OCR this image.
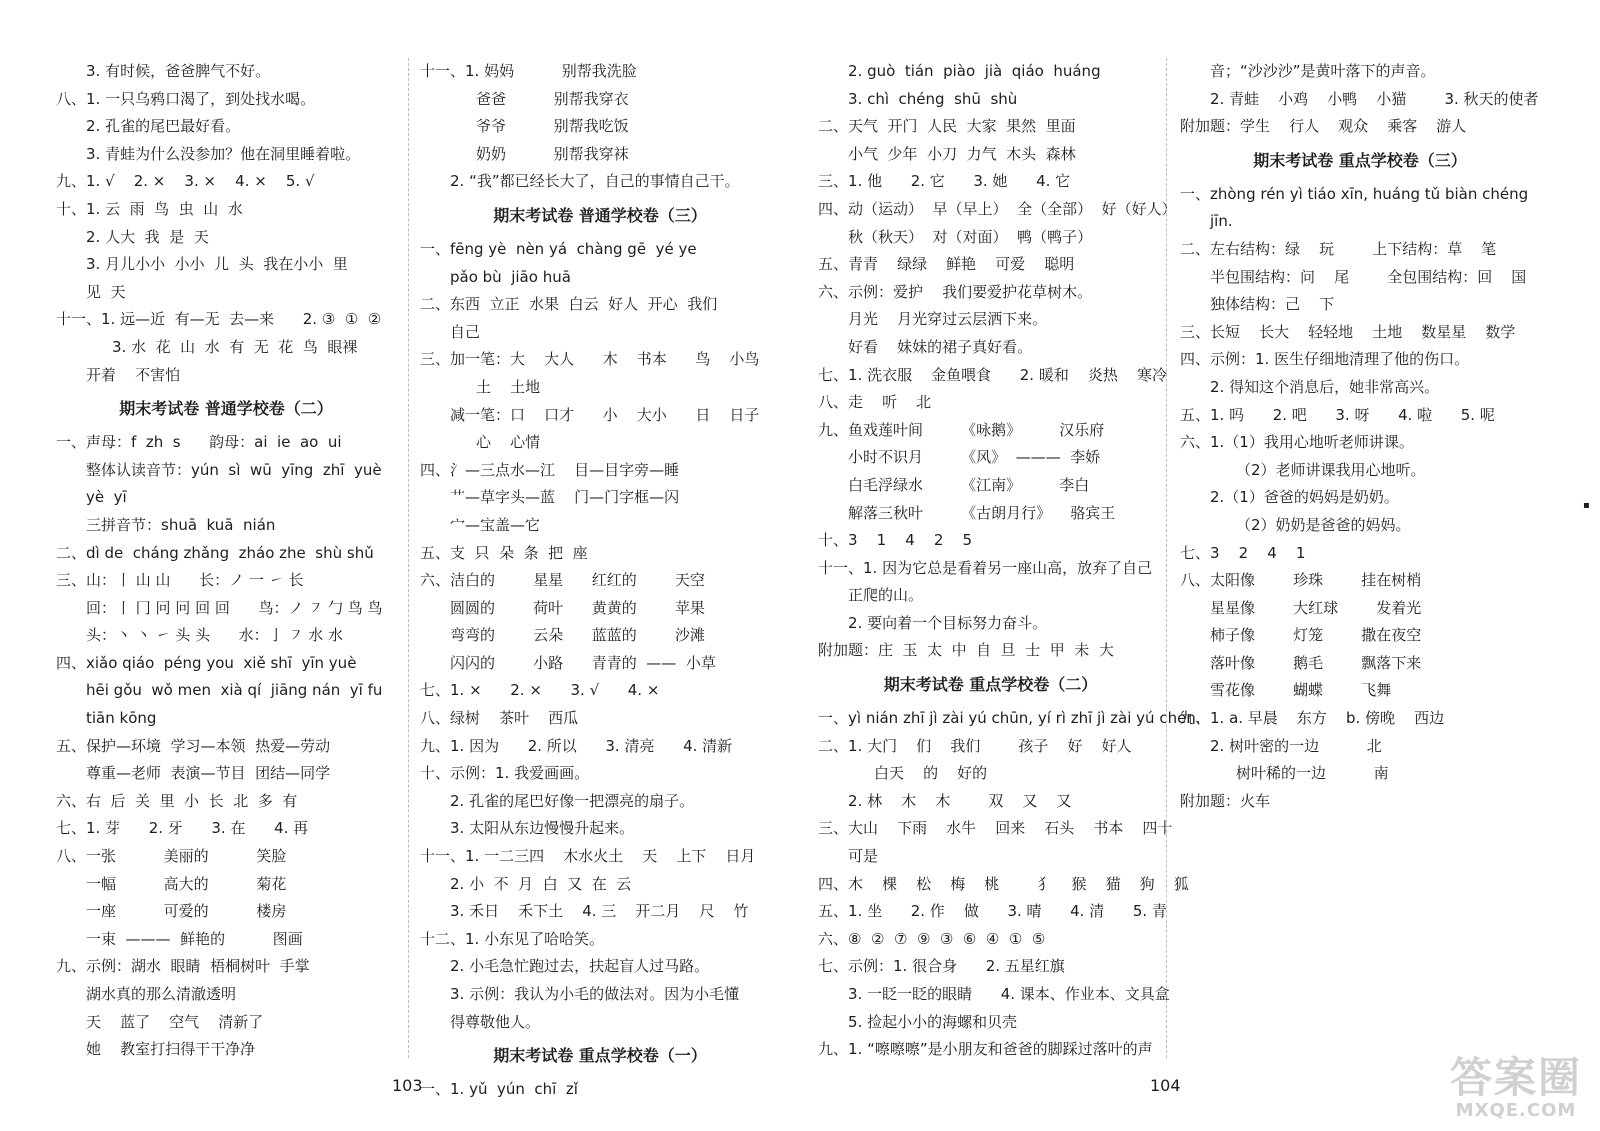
3. 有时候，爸爸脾气不好。
八、1. 一只乌鸦口渴了，到处找水喝。
2. 孔雀的尾巴最好看。
3. 青蛙为什么没参加？他在洞里睡着啦。
九、1. √    2. ×    3. ×    4. ×    5. √
十、1. 云  雨  鸟  虫  山  水
2. 人大  我  是  天
3. 月儿小小  小小  儿  头  我在小小  里
见  天
十一、1. 远—近  有—无  去—来      2. ③  ①  ②
3. 水  花  山  水  有  无  花  鸟  眼裸
开着    不害怕
期末考试卷 普通学校卷（二）
一、声母：f  zh  s      韵母：ai  ie  ao  ui
整体认读音节：yún  sì  wū  yīng  zhī  yuè
yè  yī
三拼音节：shuā  kuā  nián
二、dì de  cháng zhǎng  zháo zhe  shù shǔ
三、山：丨 山 山      长：ノ 一 ㇀ 长
回：丨 冂 冋 冋 回 回      鸟：ノ ㇇ 勹 鸟 鸟
头：丶 丶 ㇀ 头 头      水：亅 ㇇ 水 水
四、xiǎo qiáo  péng you  xiě shī  yīn yuè
hēi gǒu  wǒ men  xià qí  jiāng nán  yī fu
tiān kōng
五、保护—环境  学习—本领  热爱—劳动
尊重—老师  表演—节目  团结—同学
六、右  后  关  里  小  长  北  多  有
七、1. 芽      2. 牙      3. 在      4. 再
八、一张          美丽的          笑脸
一幅          高大的          菊花
一座          可爱的          楼房
一束  ———  鲜艳的          图画
九、示例：湖水  眼睛  梧桐树叶  手掌
湖水真的那么清澈透明
天    蓝了    空气    清新了
她    教室打扫得干干净净
十一、1. 妈妈          别帮我洗脸
爸爸          别帮我穿衣
爷爷          别帮我吃饭
奶奶          别帮我穿袜
2. “我”都已经长大了，自己的事情自己干。
期末考试卷 普通学校卷（三）
一、fēng yè  nèn yá  chàng gē  yé ye
pǎo bù  jiāo huā
二、东西  立正  水果  白云  好人  开心  我们
自己
三、加一笔：大    大人      木    书本      鸟    小鸟
土    土地
减一笔：口    口才      小    大小      日    日子
心    心情
四、氵—三点水—江    目—目字旁—睡
艹—草字头—蓝    门—门字框—闪
宀—宝盖—它
五、支  只  朵  条  把  座
六、洁白的        星星      红红的        天空
圆圆的        荷叶      黄黄的        苹果
弯弯的        云朵      蓝蓝的        沙滩
闪闪的        小路      青青的  ——  小草
七、1. ×      2. ×      3. √      4. ×
八、绿树    茶叶    西瓜
九、1. 因为      2. 所以      3. 清亮      4. 清新
十、示例：1. 我爱画画。
2. 孔雀的尾巴好像一把漂亮的扇子。
3. 太阳从东边慢慢升起来。
十一、1. 一二三四    木水火土    天    上下    日月
2. 小  不  月  白  又  在  云
3. 禾日    禾下土    4. 三    开二月    尺    竹
十二、1. 小东见了哈哈笑。
2. 小毛急忙跑过去，扶起盲人过马路。
3. 示例：我认为小毛的做法对。因为小毛懂
得尊敬他人。
期末考试卷 重点学校卷（一）
一、1. yǔ  yún  chī  zǐ
2. guò  tián  piào  jià  qiáo  huáng
3. chì  chéng  shū  shù
二、天气  开门  人民  大家  果然  里面
小气  少年  小刀  力气  木头  森林
三、1. 他      2. 它      3. 她      4. 它
四、动（运动）  早（早上）  全（全部）  好（好人）
秋（秋天）  对（对面）  鸭（鸭子）
五、青青    绿绿    鲜艳    可爱    聪明
六、示例：爱护    我们要爱护花草树木。
月光    月光穿过云层洒下来。
好看    妹妹的裙子真好看。
七、1. 洗衣服    金鱼喂食      2. 暖和    炎热    寒冷
八、走    听    北
九、鱼戏莲叶间        《咏鹅》        汉乐府
小时不识月        《风》  ———  李娇
白毛浮绿水        《江南》        李白
解落三秋叶        《古朗月行》    骆宾王
十、3    1    4    2    5
十一、1. 因为它总是看着另一座山高，放弃了自己
正爬的山。
2. 要向着一个目标努力奋斗。
附加题：庄  玉  太  中  自  旦  士  甲  未  大
期末考试卷 重点学校卷（二）
一、yì nián zhī jì zài yú chūn, yí rì zhī jì zài yú chén.
二、1. 大门    们    我们        孩子    好    好人
白天    的    好的
2. 林    木    木        双    又    又
三、大山    下雨    水牛    回来    石头    书本    四十
可是
四、木    棵    松    梅    桃        犭    猴    猫    狗    狐
五、1. 坐      2. 作    做      3. 晴      4. 清      5. 青
六、⑧  ②  ⑦  ⑨  ③  ⑥  ④  ①  ⑤
七、示例：1. 很合身      2. 五星红旗
3. 一眨一眨的眼睛      4. 课本、作业本、文具盒
5. 捡起小小的海螺和贝壳
九、1. “嚓嚓嚓”是小朋友和爸爸的脚踩过落叶的声
音；“沙沙沙”是黄叶落下的声音。
2. 青蛙    小鸡    小鸭    小猫        3. 秋天的使者
附加题：学生    行人    观众    乘客    游人
期末考试卷 重点学校卷（三）
一、zhòng rén yì tiáo xīn, huáng tǔ biàn chéng
jīn.
二、左右结构：绿    玩        上下结构：草    笔
半包围结构：问    尾        全包围结构：回    国
独体结构：己    下
三、长短    长大    轻轻地    土地    数星星    数学
四、示例：1. 医生仔细地清理了他的伤口。
2. 得知这个消息后，她非常高兴。
五、1. 吗      2. 吧      3. 呀      4. 啦      5. 呢
六、1.（1）我用心地听老师讲课。
（2）老师讲课我用心地听。
2.（1）爸爸的妈妈是奶奶。
（2）奶奶是爸爸的妈妈。
七、3    2    4    1
八、太阳像        珍珠        挂在树梢
星星像        大红球        发着光
柿子像        灯笼        撒在夜空
落叶像        鹅毛        飘落下来
雪花像        蝴蝶        飞舞
九、1. a. 早晨    东方    b. 傍晚    西边
2. 树叶密的一边          北
树叶稀的一边          南
附加题：火车
103	104
▪
答案圈
MXQE.COM
